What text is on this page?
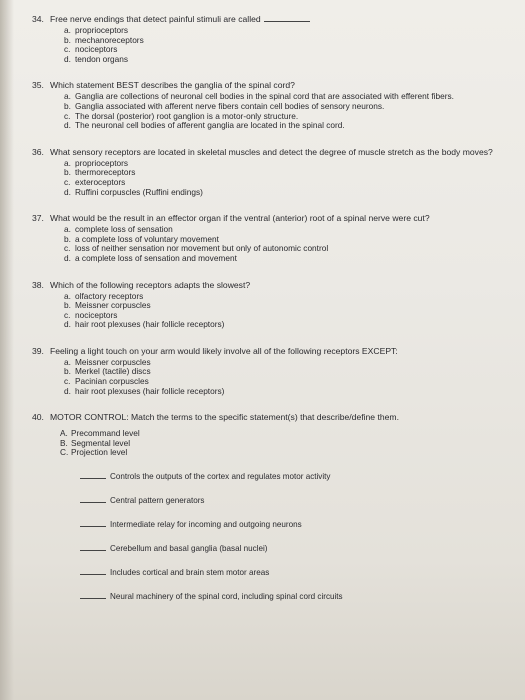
34. Free nerve endings that detect painful stimuli are called
a. proprioceptors
b. mechanoreceptors
c. nociceptors
d. tendon organs
35. Which statement BEST describes the ganglia of the spinal cord?
a. Ganglia are collections of neuronal cell bodies in the spinal cord that are associated with efferent fibers.
b. Ganglia associated with afferent nerve fibers contain cell bodies of sensory neurons.
c. The dorsal (posterior) root ganglion is a motor-only structure.
d. The neuronal cell bodies of afferent ganglia are located in the spinal cord.
36. What sensory receptors are located in skeletal muscles and detect the degree of muscle stretch as the body moves?
a. proprioceptors
b. thermoreceptors
c. exteroceptors
d. Ruffini corpuscles (Ruffini endings)
37. What would be the result in an effector organ if the ventral (anterior) root of a spinal nerve were cut?
a. complete loss of sensation
b. a complete loss of voluntary movement
c. loss of neither sensation nor movement but only of autonomic control
d. a complete loss of sensation and movement
38. Which of the following receptors adapts the slowest?
a. olfactory receptors
b. Meissner corpuscles
c. nociceptors
d. hair root plexuses (hair follicle receptors)
39. Feeling a light touch on your arm would likely involve all of the following receptors EXCEPT:
a. Meissner corpuscles
b. Merkel (tactile) discs
c. Pacinian corpuscles
d. hair root plexuses (hair follicle receptors)
40. MOTOR CONTROL: Match the terms to the specific statement(s) that describe/define them.
A. Precommand level
B. Segmental level
C. Projection level
Controls the outputs of the cortex and regulates motor activity
Central pattern generators
Intermediate relay for incoming and outgoing neurons
Cerebellum and basal ganglia (basal nuclei)
Includes cortical and brain stem motor areas
Neural machinery of the spinal cord, including spinal cord circuits
